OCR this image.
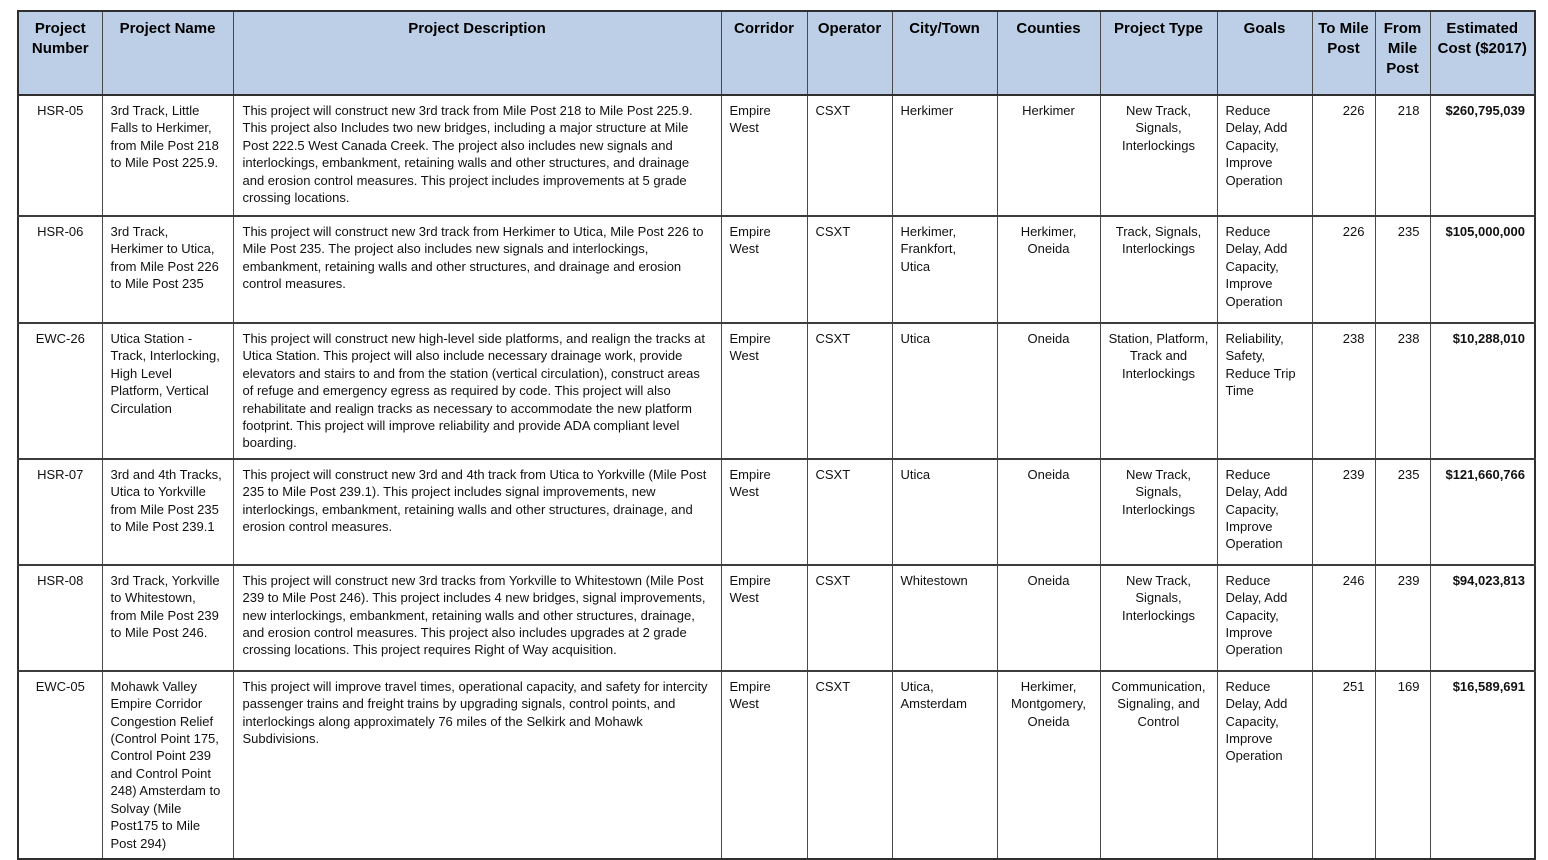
Project Number	Project Name	Project Description	Corridor	Operator	City/Town	Counties	Project Type	Goals	To Mile Post	From Mile Post	Estimated Cost ($2017)
HSR-05	3rd Track, Little Falls to Herkimer, from Mile Post 218 to Mile Post 225.9.	This project will construct new 3rd track from Mile Post 218 to Mile Post 225.9. This project also Includes two new bridges, including a major structure at Mile Post 222.5 West Canada Creek. The project also includes new signals and interlockings, embankment, retaining walls and other structures, and drainage and erosion control measures. This project includes improvements at 5 grade crossing locations.	Empire West	CSXT	Herkimer	Herkimer	New Track, Signals, Interlockings	Reduce Delay, Add Capacity, Improve Operation	226	218	$260,795,039
HSR-06	3rd Track, Herkimer to Utica, from Mile Post 226 to Mile Post 235	This project will construct new 3rd track from Herkimer to Utica, Mile Post 226 to Mile Post 235. The project also includes new signals and interlockings, embankment, retaining walls and other structures, and drainage and erosion control measures.	Empire West	CSXT	Herkimer, Frankfort, Utica	Herkimer, Oneida	Track, Signals, Interlockings	Reduce Delay, Add Capacity, Improve Operation	226	235	$105,000,000
EWC-26	Utica Station -Track, Interlocking, High Level Platform, Vertical Circulation	This project will construct new high-level side platforms, and realign the tracks at Utica Station. This project will also include necessary drainage work, provide elevators and stairs to and from the station (vertical circulation), construct areas of refuge and emergency egress as required by code. This project will also rehabilitate and realign tracks as necessary to accommodate the new platform footprint. This project will improve reliability and provide ADA compliant level boarding.	Empire West	CSXT	Utica	Oneida	Station, Platform, Track and Interlockings	Reliability, Safety, Reduce Trip Time	238	238	$10,288,010
HSR-07	3rd and 4th Tracks, Utica to Yorkville from Mile Post 235 to Mile Post 239.1	This project will construct new 3rd and 4th track from Utica to Yorkville (Mile Post 235 to Mile Post 239.1). This project includes signal improvements, new interlockings, embankment, retaining walls and other structures, drainage, and erosion control measures.	Empire West	CSXT	Utica	Oneida	New Track, Signals, Interlockings	Reduce Delay, Add Capacity, Improve Operation	239	235	$121,660,766
HSR-08	3rd Track, Yorkville to Whitestown, from Mile Post 239 to Mile Post 246.	This project will construct new 3rd tracks from Yorkville to Whitestown (Mile Post 239 to Mile Post 246). This project includes 4 new bridges, signal improvements, new interlockings, embankment, retaining walls and other structures, drainage, and erosion control measures. This project also includes upgrades at 2 grade crossing locations. This project requires Right of Way acquisition.	Empire West	CSXT	Whitestown	Oneida	New Track, Signals, Interlockings	Reduce Delay, Add Capacity, Improve Operation	246	239	$94,023,813
EWC-05	Mohawk Valley Empire Corridor Congestion Relief (Control Point 175, Control Point 239 and Control Point 248) Amsterdam to Solvay (Mile Post175 to Mile Post 294)	This project will improve travel times, operational capacity, and safety for intercity passenger trains and freight trains by upgrading signals, control points, and interlockings along approximately 76 miles of the Selkirk and Mohawk Subdivisions.	Empire West	CSXT	Utica, Amsterdam	Herkimer, Montgomery, Oneida	Communication, Signaling, and Control	Reduce Delay, Add Capacity, Improve Operation	251	169	$16,589,691
